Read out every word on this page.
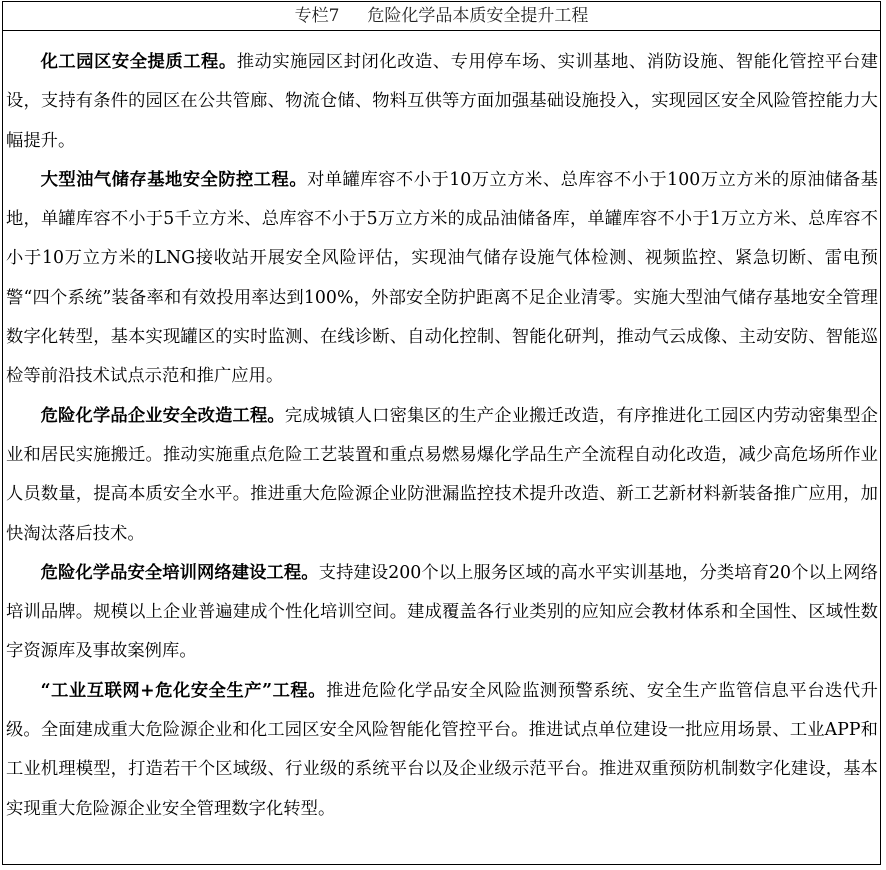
专栏7 危险化学品本质安全提升工程

化工园区安全提质工程。推动实施园区封闭化改造、专用停车场、实训基地、消防设施、智能化管控平台建设，支持有条件的园区在公共管廊、物流仓储、物料互供等方面加强基础设施投入，实现园区安全风险管控能力大幅提升。

大型油气储存基地安全防控工程。对单罐库容不小于10万立方米、总库容不小于100万立方米的原油储备基地，单罐库容不小于5千立方米、总库容不小于5万立方米的成品油储备库，单罐库容不小于1万立方米、总库容不小于10万立方米的LNG接收站开展安全风险评估，实现油气储存设施气体检测、视频监控、紧急切断、雷电预警“四个系统”装备率和有效投用率达到100%，外部安全防护距离不足企业清零。实施大型油气储存基地安全管理数字化转型，基本实现罐区的实时监测、在线诊断、自动化控制、智能化研判，推动气云成像、主动安防、智能巡检等前沿技术试点示范和推广应用。

危险化学品企业安全改造工程。完成城镇人口密集区的生产企业搬迁改造，有序推进化工园区内劳动密集型企业和居民实施搬迁。推动实施重点危险工艺装置和重点易燃易爆化学品生产全流程自动化改造，减少高危场所作业人员数量，提高本质安全水平。推进重大危险源企业防泄漏监控技术提升改造、新工艺新材料新装备推广应用，加快淘汰落后技术。

危险化学品安全培训网络建设工程。支持建设200个以上服务区域的高水平实训基地，分类培育20个以上网络培训品牌。规模以上企业普遍建成个性化培训空间。建成覆盖各行业类别的应知应会教材体系和全国性、区域性数字资源库及事故案例库。

“工业互联网+危化安全生产”工程。推进危险化学品安全风险监测预警系统、安全生产监管信息平台迭代升级。全面建成重大危险源企业和化工园区安全风险智能化管控平台。推进试点单位建设一批应用场景、工业APP和工业机理模型，打造若干个区域级、行业级的系统平台以及企业级示范平台。推进双重预防机制数字化建设，基本实现重大危险源企业安全管理数字化转型。
